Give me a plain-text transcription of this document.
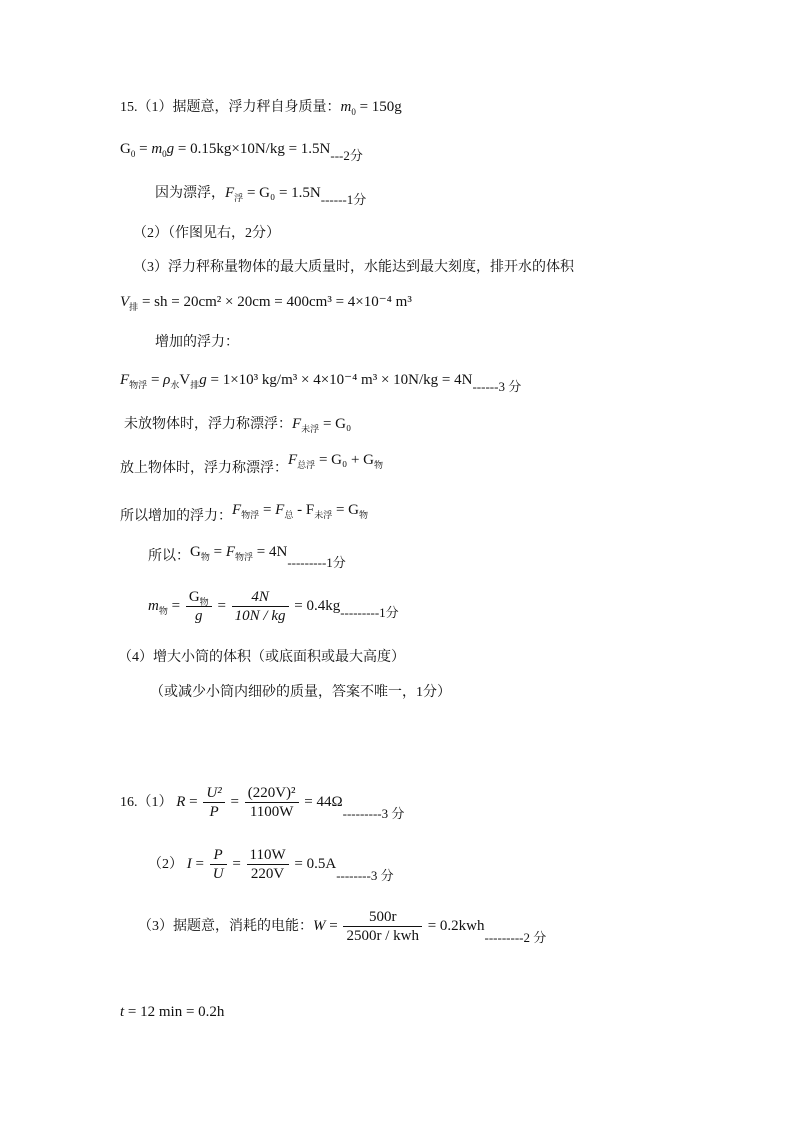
15.（1）据题意，浮力秤自身质量：$m_0 = 150g$
$G_0 = m_0g = 0.15kg\times 10N/kg = 1.5N---2$分
因为漂浮，$F_浮 = G_0 = 1.5N------1$分
（2）（作图见右，2分）
（3）浮力秤称量物体的最大质量时，水能达到最大刻度，排开水的体积
$V_排$ = sh = 20cm² × 20cm = 400cm³ = 4×10⁻⁴ m³
增加的浮力：
$F_{物浮} = \rho_水V_排g = 1\times 10^3$ kg/m³ × 4×10⁻⁴ m³ × 10N/kg = 4N------3 分
未放物体时，浮力称漂浮：$F_{未浮} = G_0$
放上物体时，浮力称漂浮：$F_{总浮} = G_0 + G_物$
所以增加的浮力：$F_{物浮} = F_总 - F_{未浮} = G_物$
所以：$G_物 = F_{物浮} = 4N---------1$分
$m_物 = \frac{G_物}{g} = \frac{4N}{10N / kg} = 0.4kg---------1$分
（4）增大小筒的体积（或底面积或最大高度）
（或减少小筒内细砂的质量，答案不唯一，1分）
16.（1） $R = \frac{\text{U²}}{P} = \frac{\text{(220V)²}}{1100W} = 44\Omega---------3$ 分
（2） $I = \frac{P}{U} = \frac{110W}{220V} = 0.5A--------3$ 分
（3）据题意，消耗的电能：$W = \frac{500r}{\text{2500r / kwh}} = 0.2kwh---------2$ 分
t = 12 min = 0.2h
